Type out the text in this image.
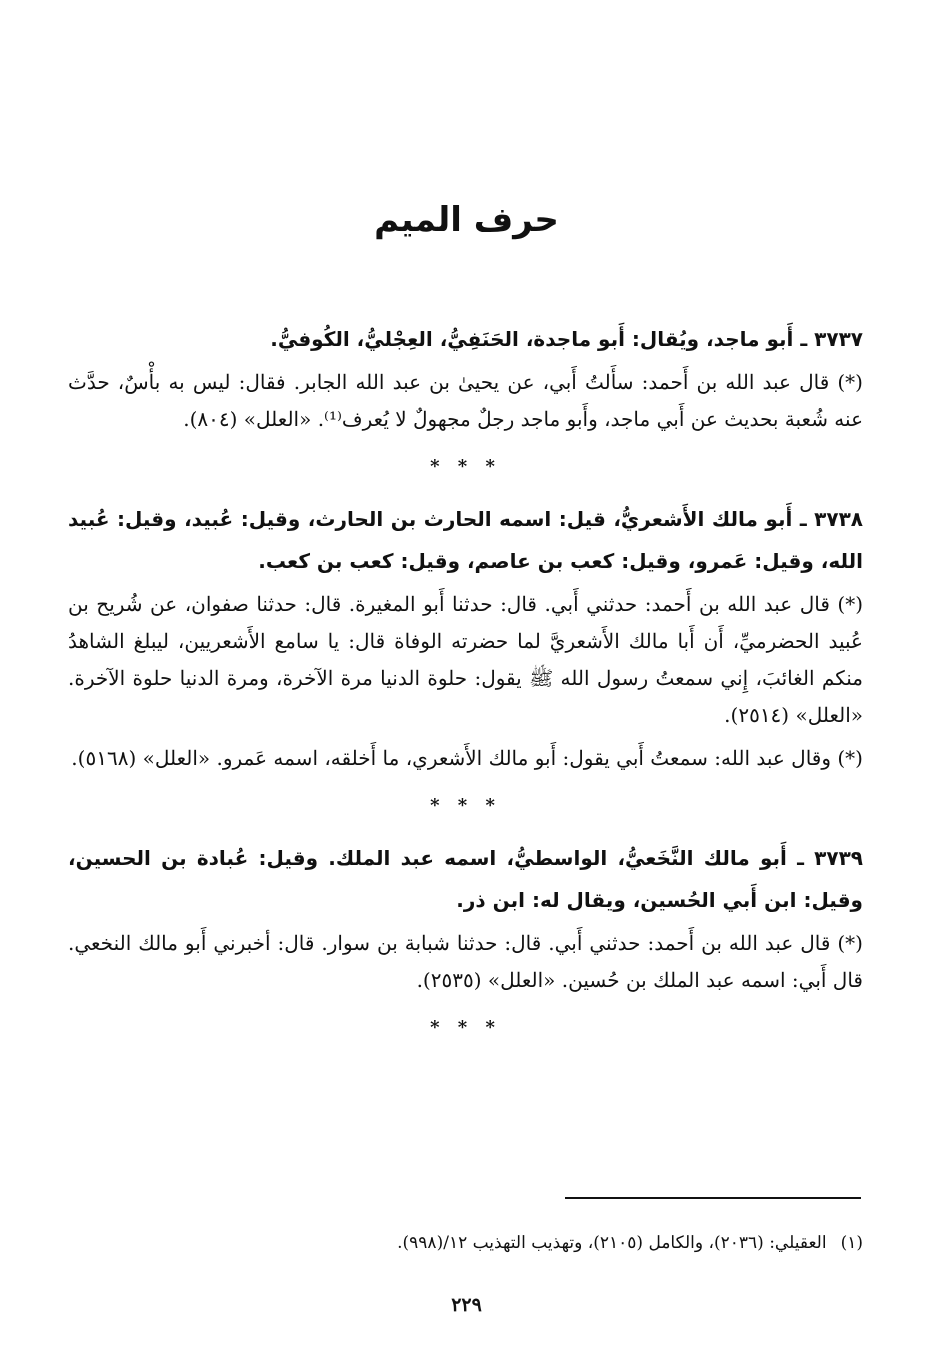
حرف الميم

٣٧٣٧ ـ أَبو ماجد، ويُقال: أَبو ماجدة، الحَنَفِيُّ، العِجْليُّ، الكُوفيُّ.

(*) قال عبد الله بن أَحمد: سأَلتُ أَبي، عن يحيىٰ بن عبد الله الجابر. فقال: ليس به بأْسٌ، حدَّث عنه شُعبة بحديث عن أَبي ماجد، وأَبو ماجد رجلٌ مجهولٌ لا يُعرف⁽¹⁾. «العلل» (٨٠٤).

* * *

٣٧٣٨ ـ أَبو مالك الأَشعريُّ، قيل: اسمه الحارث بن الحارث، وقيل: عُبيد، وقيل: عُبيد الله، وقيل: عَمرو، وقيل: كعب بن عاصم، وقيل: كعب بن كعب.

(*) قال عبد الله بن أَحمد: حدثني أَبي. قال: حدثنا أَبو المغيرة. قال: حدثنا صفوان، عن شُريح بن عُبيد الحضرميِّ، أَن أَبا مالك الأَشعريَّ لما حضرته الوفاة قال: يا سامع الأَشعريين، ليبلغ الشاهدُ منكم الغائبَ، إِني سمعتُ رسول الله ﷺ يقول: حلوة الدنيا مرة الآخرة، ومرة الدنيا حلوة الآخرة. «العلل» (٢٥١٤).

(*) وقال عبد الله: سمعتُ أَبي يقول: أَبو مالك الأَشعري، ما أَخلقه، اسمه عَمرو. «العلل» (٥١٦٨).

* * *

٣٧٣٩ ـ أَبو مالك النَّخَعيُّ، الواسطيُّ، اسمه عبد الملك. وقيل: عُبادة بن الحسين، وقيل: ابن أَبي الحُسين، ويقال له: ابن ذر.

(*) قال عبد الله بن أَحمد: حدثني أَبي. قال: حدثنا شبابة بن سوار. قال: أخبرني أَبو مالك النخعي. قال أَبي: اسمه عبد الملك بن حُسين. «العلل» (٢٥٣٥).

* * *
(١)العقيلي: (٢٠٣٦)، والكامل (٢١٠٥)، وتهذيب التهذيب ١٢/(٩٩٨).
٢٢٩
